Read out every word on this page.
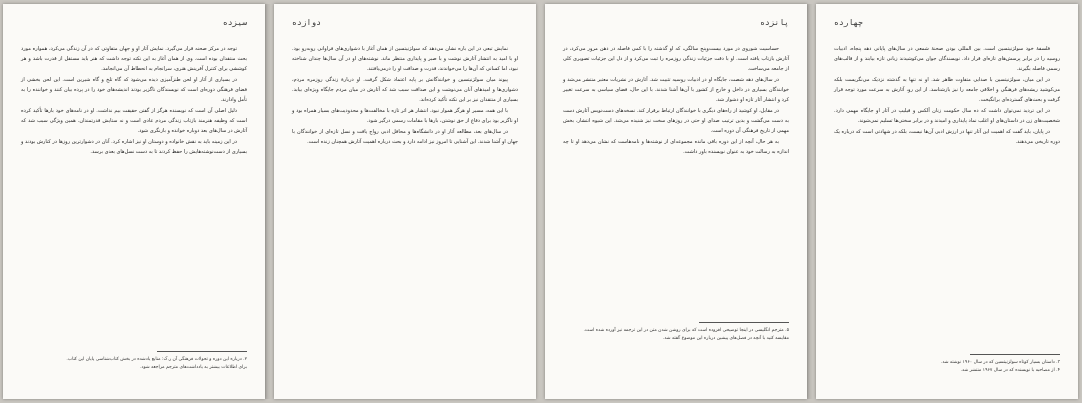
سیزده

توجه در مرکز صحنه قرار می‌گیرد. نمایش آثار او و جهان متفاوتی که در آن زندگی می‌کرد، همواره مورد بحث منتقدان بوده است. وی از همان آغاز به این نکته توجه داشت که هنر باید مستقل از قدرت باشد و هر کوششی برای کنترل آفرینش هنری، سرانجام به انحطاط آن می‌انجامد.

در بسیاری از آثار او لحن طنزآمیزی دیده می‌شود که گاه تلخ و گاه شیرین است. این لحن بخشی از فضای فرهنگی دوره‌ای است که نویسندگان ناگزیر بودند اندیشه‌های خود را در پرده بیان کنند و خواننده را به تأمل وادارند.

دلیل اصلی آن است که نویسنده هرگز از گفتن حقیقت بیم نداشت. او در نامه‌های خود بارها تأکید کرده است که وظیفه هنرمند بازتاب زندگی مردم عادی است و نه ستایش قدرتمندان. همین ویژگی سبب شد که آثارش در سال‌های بعد دوباره خوانده و بازنگری شود.

در این زمینه باید به نقش خانواده و دوستان او نیز اشاره کرد. آنان در دشوارترین روزها در کنارش بودند و بسیاری از دست‌نوشته‌هایش را حفظ کردند تا به دست نسل‌های بعدی برسد.

۲. درباره این دوره و تحولات فرهنگی آن ر.ک: منابع یادشده در بخش کتاب‌شناسی پایان این کتاب.

برای اطلاعات بیشتر به یادداشت‌های مترجم مراجعه شود.

دوازده

نمایش تبعی در این باره نشان می‌دهد که سولژنیتسین از همان آغاز با دشواری‌های فراوانی روبه‌رو بود. او با امید به انتشار آثارش نوشت و با صبر و پایداری منتظر ماند. نوشته‌های او در آن سال‌ها چندان شناخته نبود، اما کسانی که آن‌ها را می‌خواندند، قدرت و صداقت او را درمی‌یافتند.

پیوند میان سولژنیتسین و خوانندگانش بر پایه اعتماد شکل گرفت. او دربارهٔ زندگی روزمره مردم، دشواری‌ها و امیدهای آنان می‌نوشت و این صداقت سبب شد که آثارش در میان مردم جایگاه ویژه‌ای بیابد. بسیاری از منتقدان نیز بر این نکته تأکید کرده‌اند.

با این همه، مسیر او هرگز هموار نبود. انتشار هر اثر تازه با مخالفت‌ها و محدودیت‌های بسیار همراه بود و او ناگزیر بود برای دفاع از حق نوشتن، بارها با مقامات رسمی درگیر شود.

در سال‌های بعد، مطالعه آثار او در دانشگاه‌ها و محافل ادبی رواج یافت و نسل تازه‌ای از خوانندگان با جهان او آشنا شدند. این آشنایی تا امروز نیز ادامه دارد و بحث درباره اهمیت آثارش همچنان زنده است.

پانزده

حساسیت شوروی در مورد بیست‌وپنج سالگی، که او گذشته را با کمی فاصله در ذهن مرور می‌کرد، در آثارش بازتاب یافته است. او با دقت جزئیات زندگی روزمره را ثبت می‌کرد و از دل این جزئیات تصویری کلی از جامعه می‌ساخت.

در سال‌های دهه شصت، جایگاه او در ادبیات روسیه تثبیت شد. آثارش در نشریات معتبر منتشر می‌شد و خوانندگان بسیاری در داخل و خارج از کشور با آن‌ها آشنا شدند. با این حال، فضای سیاسی به سرعت تغییر کرد و انتشار آثار تازه او دشوار شد.

در مقابل، او کوشید از راه‌های دیگری با خوانندگان ارتباط برقرار کند. نسخه‌های دست‌نویس آثارش دست به دست می‌گشت و بدین ترتیب صدای او حتی در روزهای سخت نیز شنیده می‌شد. این شیوه انتشار، بخش مهمی از تاریخ فرهنگی آن دوره است.

به هر حال، آنچه از این دوره باقی مانده مجموعه‌ای از نوشته‌ها و نامه‌هاست که نشان می‌دهد او تا چه اندازه به رسالت خود به عنوان نویسنده باور داشت.

۵. مترجم انگلیسی در اینجا توضیحی افزوده است که برای روشن شدن متن در این ترجمه نیز آورده شده است.

مقایسه کنید با آنچه در فصل‌های پیشین درباره این موضوع گفته شد.

چهارده

فلسفهٔ خود سولژنیتسین است. بین المللی بودن صحنهٔ شمعی در سال‌های پایانی دهه پنجاه، ادبیات روسیه را در برابر پرسش‌های تازه‌ای قرار داد. نویسندگان جوان می‌کوشیدند زبانی تازه بیابند و از قالب‌های رسمی فاصله بگیرند.

در این میان، سولژنیتسین با صدایی متفاوت ظاهر شد. او نه تنها به گذشته نزدیک می‌نگریست بلکه می‌کوشید ریشه‌های فرهنگی و اخلاقی جامعه را نیز بازشناسد. از این رو، آثارش به سرعت مورد توجه قرار گرفت و بحث‌های گسترده‌ای برانگیخت.

در این تردید نمی‌توان داشت که ده سال حکومت زنان آلکس و فیلیپ در آثار او جایگاه مهمی دارد. شخصیت‌های زن در داستان‌های او اغلب نماد پایداری و امیدند و در برابر سختی‌ها تسلیم نمی‌شوند.

در پایان، باید گفت که اهمیت این آثار تنها در ارزش ادبی آن‌ها نیست، بلکه در شهادتی است که درباره یک دوره تاریخی می‌دهند.

۳. داستان بسیار کوتاه سولژنیتسین که در سال ۱۹۶۰ نوشته شد.

۴. از مصاحبه با نویسنده که در سال ۱۹۶۷ منتشر شد.
